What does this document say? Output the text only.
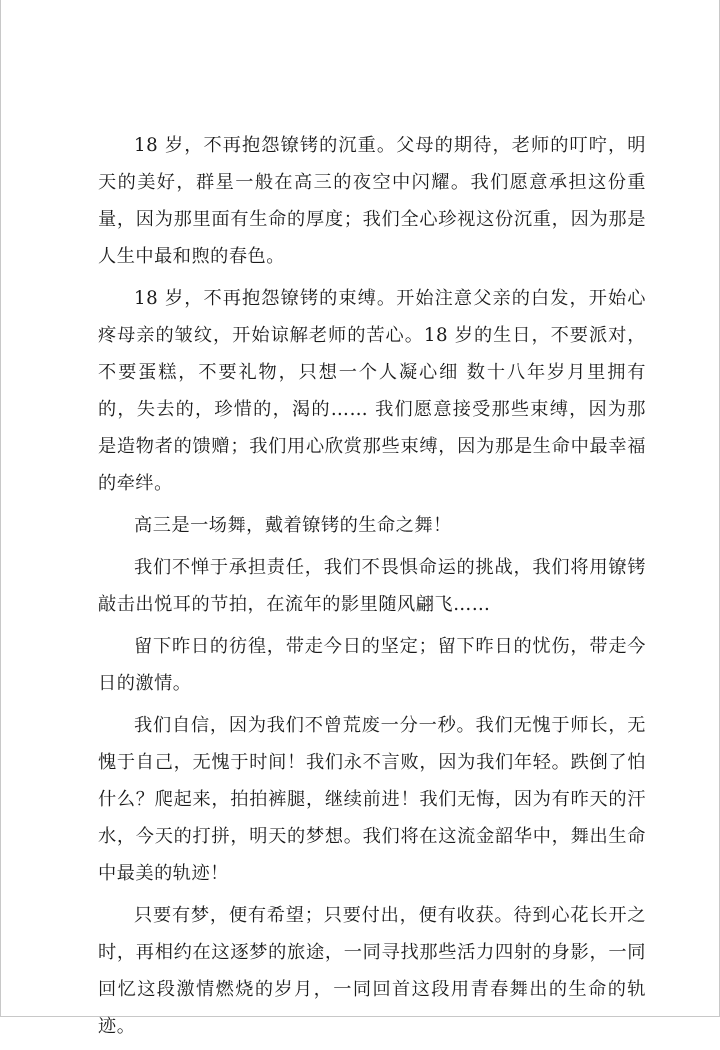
18 岁，不再抱怨镣铐的沉重。父母的期待，老师的叮咛，明天的美好，群星一般在高三的夜空中闪耀。我们愿意承担这份重量，因为那里面有生命的厚度；我们全心珍视这份沉重，因为那是人生中最和煦的春色。

18 岁，不再抱怨镣铐的束缚。开始注意父亲的白发，开始心疼母亲的皱纹，开始谅解老师的苦心。18 岁的生日，不要派对，不要蛋糕，不要礼物，只想一个人凝心细 数十八年岁月里拥有的，失去的，珍惜的，渴的…… 我们愿意接受那些束缚，因为那是造物者的馈赠；我们用心欣赏那些束缚，因为那是生命中最幸福的牵绊。

高三是一场舞，戴着镣铐的生命之舞！

我们不惮于承担责任，我们不畏惧命运的挑战，我们将用镣铐敲击出悦耳的节拍，在流年的影里随风翩飞……

留下昨日的彷徨，带走今日的坚定；留下昨日的忧伤，带走今日的激情。

我们自信，因为我们不曾荒废一分一秒。我们无愧于师长，无愧于自己，无愧于时间！我们永不言败，因为我们年轻。跌倒了怕什么？爬起来，拍拍裤腿，继续前进！我们无悔，因为有昨天的汗水，今天的打拼，明天的梦想。我们将在这流金韶华中，舞出生命中最美的轨迹！

只要有梦，便有希望；只要付出，便有收获。待到心花长开之时，再相约在这逐梦的旅途，一同寻找那些活力四射的身影，一同回忆这段激情燃烧的岁月，一同回首这段用青春舞出的生命的轨迹。
